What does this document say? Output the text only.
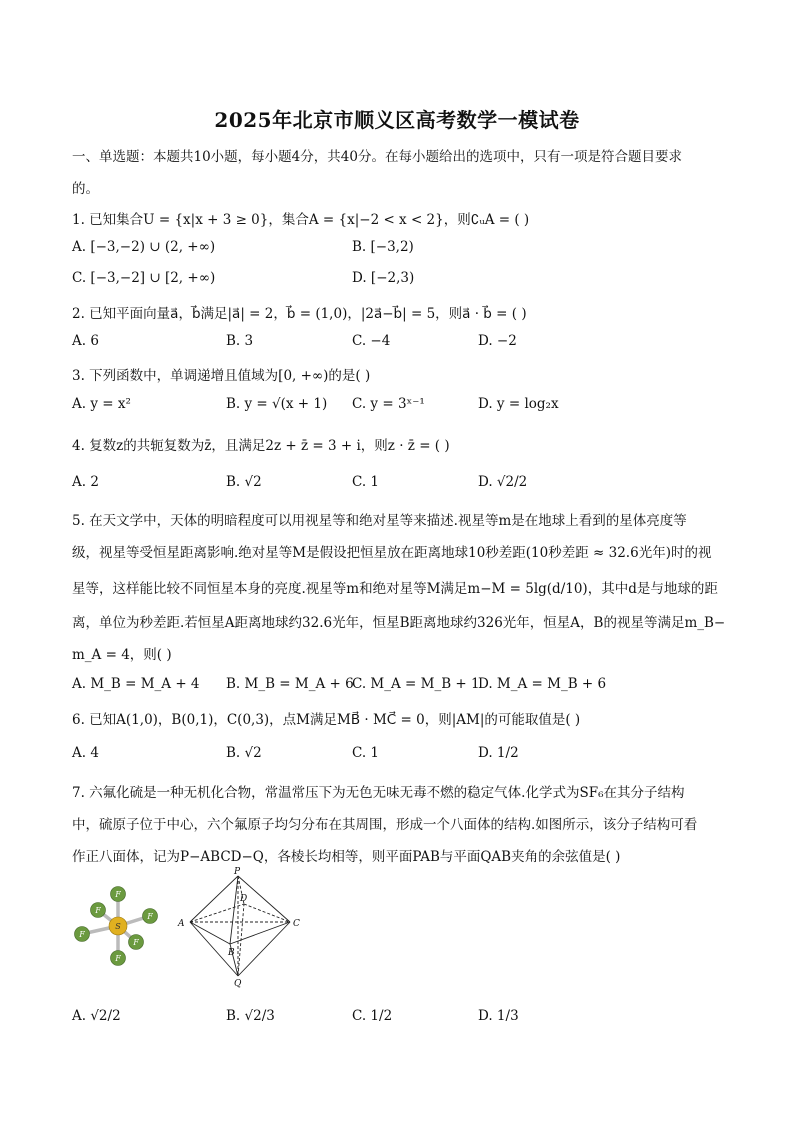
2025年北京市顺义区高考数学一模试卷
一、单选题：本题共10小题，每小题4分，共40分。在每小题给出的选项中，只有一项是符合题目要求
的。
1. 已知集合U = {x|x + 3 ≥ 0}，集合A = {x|−2 < x < 2}，则∁ᵤA = ( )
A. [−3,−2) ∪ (2, +∞)	B. [−3,2)
C. [−3,−2] ∪ [2, +∞)	D. [−2,3)
2. 已知平面向量a⃗，b⃗满足|a⃗| = 2，b⃗ = (1,0)，|2a⃗−b⃗| = 5，则a⃗ · b⃗ = ( )
A. 6	B. 3	C. −4	D. −2
3. 下列函数中，单调递增且值域为[0, +∞)的是( )
A. y = x²	B. y = √(x + 1) C. y = 3ˣ⁻¹	D. y = log₂x
4. 复数z的共轭复数为z̄，且满足2z + z̄ = 3 + i，则z · z̄ = ( )
A. 2	B. √2	C. 1	D. √2/2
5. 在天文学中，天体的明暗程度可以用视星等和绝对星等来描述.视星等m是在地球上看到的星体亮度等
级，视星等受恒星距离影响.绝对星等M是假设把恒星放在距离地球10秒差距(10秒差距 ≈ 32.6光年)时的视
星等，这样能比较不同恒星本身的亮度.视星等m和绝对星等M满足m−M = 5lg(d/10)，其中d是与地球的距
离，单位为秒差距.若恒星A距离地球约32.6光年，恒星B距离地球约326光年，恒星A，B的视星等满足m_B−
m_A = 4，则( )
A. M_B = M_A + 4 B. M_B = M_A + 6
C. M_A = M_B + 1
D. M_A = M_B + 6
6. 已知A(1,0)，B(0,1)，C(0,3)，点M满足MB⃗ · MC⃗ = 0，则|AM|的可能取值是( )
A. 4	B. √2	C. 1	D. 1/2
7. 六氟化硫是一种无机化合物，常温常压下为无色无味无毒不燃的稳定气体.化学式为SF₆在其分子结构
中，硫原子位于中心，六个氟原子均匀分布在其周围，形成一个八面体的结构.如图所示，该分子结构可看
作正八面体，记为P−ABCD−Q，各棱长均相等，则平面PAB与平面QAB夹角的余弦值是( )
F
F
F
F
F
F
S
P
A
B
C
D
Q
A. √2/2	B. √2/3	C. 1/2	D. 1/3
